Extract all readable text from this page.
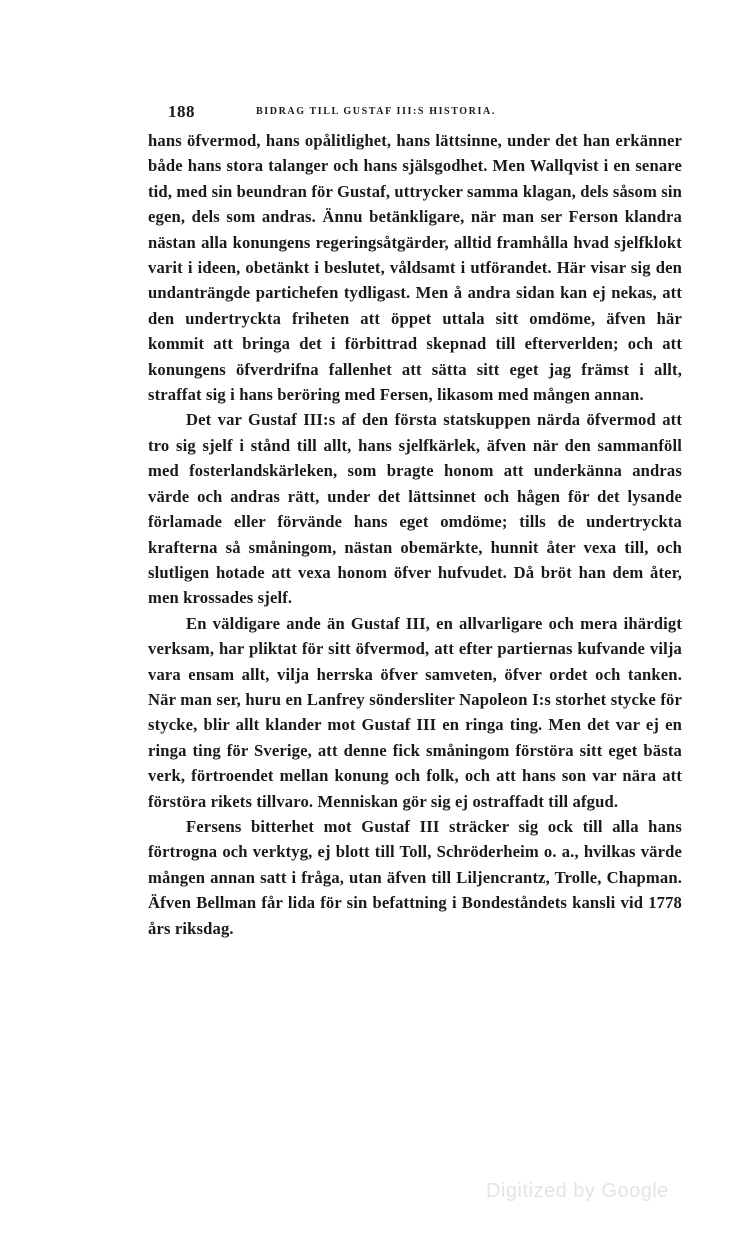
188	BIDRAG TILL GUSTAF III:S HISTORIA.

hans öfvermod, hans opålitlighet, hans lättsinne, under det han erkänner både hans stora talanger och hans själsgodhet. Men Wallqvist i en senare tid, med sin beundran för Gustaf, uttrycker samma klagan, dels såsom sin egen, dels som andras. Ännu betänkligare, när man ser Ferson klandra nästan alla konungens regeringsåtgärder, alltid framhålla hvad sjelfklokt varit i ideen, obetänkt i beslutet, våldsamt i utförandet. Här visar sig den undanträngde partichefen tydligast. Men å andra sidan kan ej nekas, att den undertryckta friheten att öppet uttala sitt omdöme, äfven här kommit att bringa det i förbittrad skepnad till efterverlden; och att konungens öfverdrifna fallenhet att sätta sitt eget jag främst i allt, straffat sig i hans beröring med Fersen, likasom med mången annan.

Det var Gustaf III:s af den första statskuppen närda öfvermod att tro sig sjelf i stånd till allt, hans sjelfkärlek, äfven när den sammanföll med fosterlandskärleken, som bragte honom att underkänna andras värde och andras rätt, under det lättsinnet och hågen för det lysande förlamade eller förvände hans eget omdöme; tills de undertryckta krafterna så småningom, nästan obemärkte, hunnit åter vexa till, och slutligen hotade att vexa honom öfver hufvudet. Då bröt han dem åter, men krossades sjelf.

En väldigare ande än Gustaf III, en allvarligare och mera ihärdigt verksam, har pliktat för sitt öfvermod, att efter partiernas kufvande vilja vara ensam allt, vilja herrska öfver samveten, öfver ordet och tanken. När man ser, huru en Lanfrey söndersliter Napoleon I:s storhet stycke för stycke, blir allt klander mot Gustaf III en ringa ting. Men det var ej en ringa ting för Sverige, att denne fick småningom förstöra sitt eget bästa verk, förtroendet mellan konung och folk, och att hans son var nära att förstöra rikets tillvaro. Menniskan gör sig ej ostraffadt till afgud.

Fersens bitterhet mot Gustaf III sträcker sig ock till alla hans förtrogna och verktyg, ej blott till Toll, Schröderheim o. a., hvilkas värde mången annan satt i fråga, utan äfven till Liljencrantz, Trolle, Chapman. Äfven Bellman får lida för sin befattning i Bondeståndets kansli vid 1778 års riksdag.

Digitized by Google
